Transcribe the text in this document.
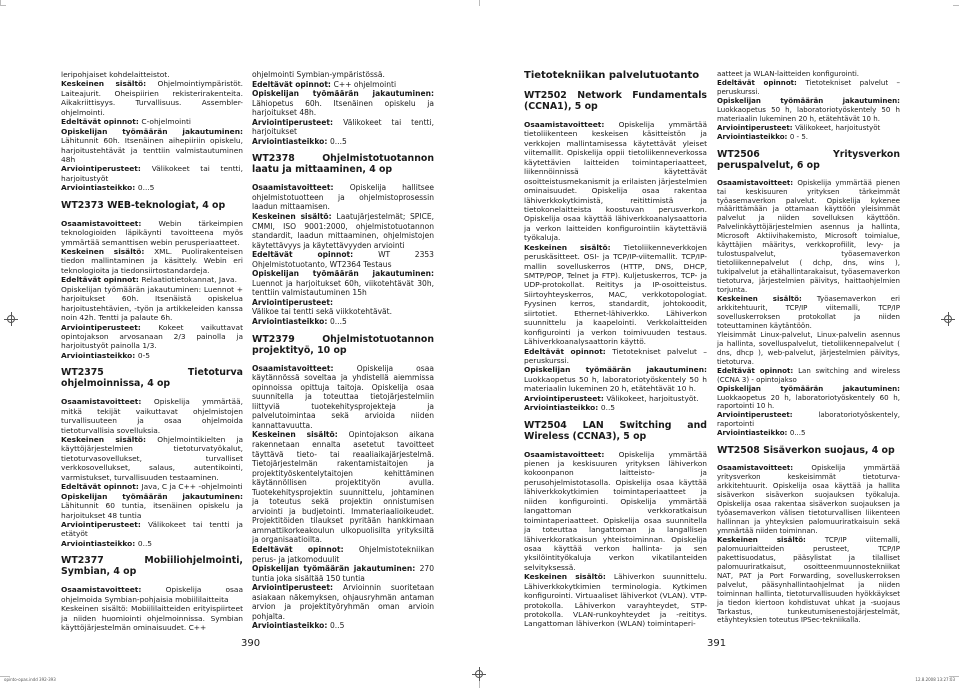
leripohjaiset kohdelaitteistot.

Keskeinen sisältö: Ohjelmointiympäristöt. Laiteajurit. Oheispiirien rekisterirakenteita. Aikakriittisyys. Turvallisuus. Assembler-ohjelmointi.

Edeltävät opinnot: C-ohjelmointi

Opiskelijan työmäärän jakautuminen: Lähitunnit 60h. Itsenäinen aihepiiriin opiskelu, harjoitustehtävät ja tenttiin valmistautuminen 48h

Arviointiperusteet: Välikokeet tai tentti, harjoitustyöt

Arviointiasteikko: 0...5

WT2373 WEB-teknologiat, 4 op

Osaamistavoitteet: Webin tärkeimpien teknologioiden läpikäynti tavoitteena myös ymmärtää semanttisen webin perusperiaatteet.

Keskeinen sisältö: XML. Puolirakenteisen tiedon mallintaminen ja käsittely. Webin eri teknologioita ja tiedonsiirtostandardeja.

Edeltävät opinnot: Relaatiotietokannat, Java.

Opiskelijan työmäärän jakautuminen: Luennot + harjoitukset 60h. Itsenäistä opiskelua harjoitustehtävien, -työn ja artikkeleiden kanssa noin 42h. Tentti ja palaute 6h.

Arviointiperusteet: Kokeet vaikuttavat opintojakson arvosanaan 2/3 painolla ja harjoitustyöt painolla 1/3.

Arviointiasteikko: 0-5

WT2375 Tietoturva ohjelmoinnissa, 4 op

Osaamistavoitteet: Opiskelija ymmärtää, mitkä tekijät vaikuttavat ohjelmistojen turvallisuuteen ja osaa ohjelmoida tietoturvallisia sovelluksia.

Keskeinen sisältö: Ohjelmointikielten ja käyttöjärjestelmien tietoturvatyökalut, tietoturvasovellukset, turvalliset verkkosovellukset, salaus, autentikointi, varmistukset, turvallisuuden testaaminen.

Edeltävät opinnot: Java, C ja C++ -ohjelmointi

Opiskelijan työmäärän jakautuminen: Lähitunnit 60 tuntia, itsenäinen opiskelu ja harjoitukset 48 tuntia

Arviointiperusteet: Välikokeet tai tentti ja etätyöt

Arviointiasteikko: 0..5

WT2377 Mobiiliohjelmointi, Symbian, 4 op

Osaamistavoitteet: Opiskelija osaa ohjelmoida Symbian-pohjaisia mobiililaitteita

Keskeinen sisältö: Mobiililaitteiden erityispiirteet ja niiden huomiointi ohjelmoinnissa. Symbian käyttöjärjestelmän ominaisuudet. C++

ohjelmointi Symbian-ympäristössä.

Edeltävät opinnot: C++ ohjelmointi

Opiskelijan työmäärän jakautuminen: Lähiopetus 60h. Itsenäinen opiskelu ja harjoitukset 48h.

Arviointiperusteet: Välikokeet tai tentti, harjoitukset

Arviointiasteikko: 0...5

WT2378 Ohjelmistotuotannon laatu ja mittaaminen, 4 op

Osaamistavoitteet: Opiskelija hallitsee ohjelmistotuotteen ja ohjelmistoprosessin laadun mittaamisen.

Keskeinen sisältö: Laatujärjestelmät; SPICE, CMMI, ISO 9001:2000, ohjelmistotuotannon standardit, laadun mittaaminen, ohjelmistojen käytettävyys ja käytettävyyden arviointi

Edeltävät opinnot: WT 2353 Ohjelmistotuotanto, WT2364 Testaus

Opiskelijan työmäärän jakautuminen: Luennot ja harjoitukset 60h, viikotehtävät 30h, tenttiin valmistautuminen 15h

Arviointiperusteet:

Välikoe tai tentti sekä viikkotehtävät.

Arviointiasteikko: 0...5

WT2379 Ohjelmistotuotannon projektityö, 10 op

Osaamistavoitteet: Opiskelija osaa käytännössä soveltaa ja yhdistellä aiemmissa opinnoissa opittuja taitoja. Opiskelija osaa suunnitella ja toteuttaa tietojärjestelmiin liittyviä tuotekehitysprojekteja ja palvelutoimintaa sekä arvioida niiden kannattavuutta.

Keskeinen sisältö: Opintojakson aikana rakennetaan ennalta asetetut tavoitteet täyttävä tieto- tai reaaliaikajärjestelmä. Tietojärjestelmän rakentamistaitojen ja projektityöskentelytaitojen kehittäminen käytännöllisen projektityön avulla. Tuotekehitysprojektin suunnittelu, johtaminen ja toteutus sekä projektin onnistumisen arviointi ja budjetointi. Immateriaalioikeudet. Projektitöiden tilaukset pyritään hankkimaan ammattikorkeakoulun ulkopuolisilta yrityksiltä ja organisaatioilta.

Edeltävät opinnot: Ohjelmistotekniikan perus- ja jatkomoduulit

Opiskelijan työmäärän jakautuminen: 270 tuntia joka sisältää 150 tuntia

Arviointiperusteet: Arvioinnin suoritetaan asiakaan näkemyksen, ohjausryhmän antaman arvion ja projektityöryhmän oman arvioin pohjalta.

Arviointiasteikko: 0..5

Tietotekniikan palvelutuotanto

WT2502 Network Fundamentals (CCNA1), 5 op

Osaamistavoitteet: Opiskelija ymmärtää tietoliikenteen keskeisen käsitteistön ja verkkojen mallintamisessa käytettävät yleiset viitemallit. Opiskelija oppii tietoliikenneverkossa käytettävien laitteiden toimintaperiaatteet, liikennöinnissä käytettävät osoitteistusmekanismit ja erilaisten järjestelmien ominaisuudet. Opiskelija osaa rakentaa lähiverkkokytkimistä, reitittimistä ja tietokonelaitteista koostuvan perusverkon. Opiskelija osaa käyttää lähiverkkoanalysaattoria ja verkon laitteiden konfigurointiin käytettäviä työkaluja.

Keskeinen sisältö: Tietoliikenneverkkojen peruskäsitteet. OSI- ja TCP/IP-viitemallit. TCP/IP-mallin sovelluskerros (HTTP, DNS, DHCP, SMTP/POP, Telnet ja FTP). Kuljetuskerros, TCP- ja UDP-protokollat. Reititys ja IP-osoitteistus. Siirtoyhteyskerros, MAC, verkkotopologiat. Fyysinen kerros, standardit, johtokoodit, siirtotiet. Ethernet-lähiverkko. Lähiverkon suunnittelu ja kaapelointi. Verkkolaitteiden konfigurointi ja verkon toimivuuden testaus. Lähiverkkoanalysaattorin käyttö.

Edeltävät opinnot: Tietotekniset palvelut –peruskurssi.

Opiskelijan työmäärän jakautuminen: Luokkaopetus 50 h, laboratoriotyöskentely 50 h materiaalin lukeminen 20 h, etätehtävät 10 h.

Arviointiperusteet: Välikokeet, harjoitustyöt.

Arviointiasteikko: 0..5

WT2504 LAN Switching and Wireless (CCNA3), 5 op

Osaamistavoitteet: Opiskelija ymmärtää pienen ja keskisuuren yrityksen lähiverkon kokoonpanon laitteisto- ja perusohjelmistotasolla. Opiskelija osaa käyttää lähiverkkokytkimien toimintaperiaatteet ja niiden konfigurointi. Opiskelija ymmärtää langattoman verkkoratkaisun toimintaperiaatteet. Opiskelija osaa suunnitella ja toteuttaa langattoman ja langallisen lähiverkkoratkaisun yhteistoiminnan. Opiskelija osaa käyttää verkon hallinta- ja sen yksilöintityökaluja verkon vikatilanteiden selvityksessä.

Keskeinen sisältö: Lähiverkon suunnittelu. Lähiverkkokytkimien terminologia. Kytkimen konfigurointi. Virtuaaliset lähiverkot (VLAN). VTP-protokolla. Lähiverkon varayhteydet, STP-protokolla. VLAN-runkoyhteydet ja -reititys. Langattoman lähiverkon (WLAN) toimintaperi-

aatteet ja WLAN-laitteiden konfigurointi.

Edeltävät opinnot: Tietotekniset palvelut –peruskurssi.

Opiskelijan työmäärän jakautuminen: Luokkaopetus 50 h, laboratoriotyöskentely 50 h materiaalin lukeminen 20 h, etätehtävät 10 h.

Arviointiperusteet: Välikokeet, harjoitustyöt

Arviointiasteikko: 0 - 5.

WT2506 Yritysverkon peruspalvelut, 6 op

Osaamistavoitteet: Opiskelija ymmärtää pienen tai keskisuuren yrityksen tärkeimmät työasemaverkon palvelut. Opiskelija kykenee määrittämään ja ottamaan käyttöön yleisimmät palvelut ja niiden sovelluksen käyttöön. Palvelinkäyttöjärjestelmien asennus ja hallinta, Microsoft Aktiivihakemisto, Microsoft toimialue, käyttäjien määritys, verkkoprofiilit, levy- ja tulostuspalvelut, työasemaverkon tietoliikennepalvelut ( dchp, dns, wins ), tukipalvelut ja etähallintarakaisut, työasemaverkon tietoturva, järjestelmien päivitys, haittaohjelmien torjunta.

Keskeinen sisältö: Työasemaverkon eri arkkitehtuurit, TCP/IP viitemalli, TCP/IP sovelluskerroksen protokollat ja niiden toteuttaminen käytäntöön.

Yleisimmät Linux-palvelut, Linux-palvelin asennus ja hallinta, sovelluspalvelut, tietoliikennepalvelut ( dns, dhcp ), web-palvelut, järjestelmien päivitys, tietoturva.

Edeltävät opinnot: Lan switching and wireless (CCNA 3) - opintojakso

Opiskelijan työmäärän jakautuminen: Luokkaopetus 20 h, laboratoriotyöskentely 60 h, raportointi 10 h.

Arviointiperusteet: laboratoriotyöskentely, raportointi

Arviointiasteikko: 0...5

WT2508 Sisäverkon suojaus, 4 op

Osaamistavoitteet: Opiskelija ymmärtää yritysverkon keskeisimmät tietoturva-arkkitehtuurit. Opiskelija osaa käyttää ja hallita sisäverkon sisäverkon suojauksen työkaluja. Opiskelija osaa rakentaa sisäverkon suojauksen ja työasemaverkon välisen tietoturvallisen liikenteen hallinnan ja yhteyksien palomuuriratkaisuin sekä ymmärtää niiden toiminnan.

Keskeinen sisältö: TCP/IP viitemalli, palomuuriaitteiden perusteet, TCP/IP pakettisuodatus, pääsylistat ja tilalliset palomuuriratkaisut, osoitteenmuunnostekniikat NAT, PAT ja Port Forwarding, sovelluskerroksen palvelut, pääsynhallintaohjelmat ja niiden toiminnan hallinta, tietoturvallisuuden hyökkäykset ja tiedon kiertoon kohdistuvat uhkat ja -suojaus Tarkastus, tunkeutumisenestojärjestelmät, etäyhteyksien toteutus IPSec-tekniikalla.

390	391
opinto-opas.indd 392-393	12.8.2008 13:27:03
